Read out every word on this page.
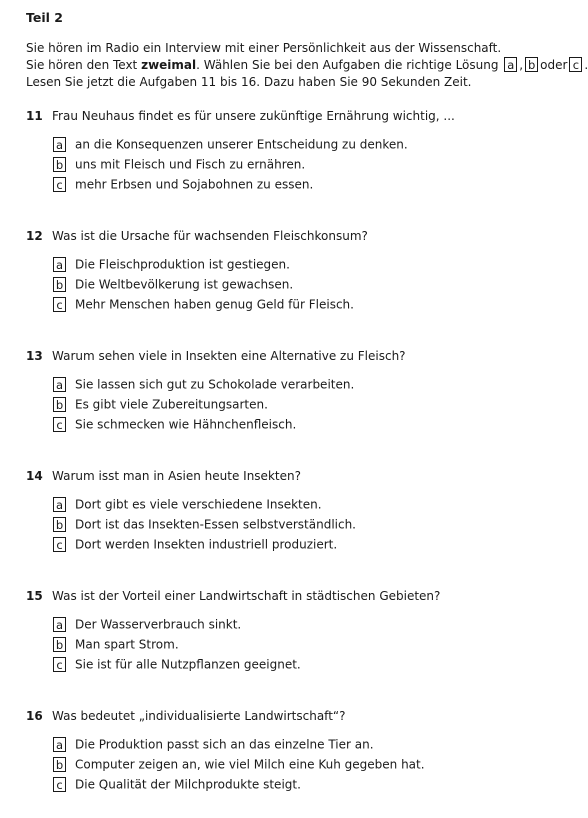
Teil 2
Sie hören im Radio ein Interview mit einer Persönlichkeit aus der Wissenschaft.
Sie hören den Text zweimal. Wählen Sie bei den Aufgaben die richtige Lösung a , b oder c .
Lesen Sie jetzt die Aufgaben 11 bis 16. Dazu haben Sie 90 Sekunden Zeit.
11 Frau Neuhaus findet es für unsere zukünftige Ernährung wichtig, ...
a an die Konsequenzen unserer Entscheidung zu denken.
b uns mit Fleisch und Fisch zu ernähren.
c mehr Erbsen und Sojabohnen zu essen.
12 Was ist die Ursache für wachsenden Fleischkonsum?
a Die Fleischproduktion ist gestiegen.
b Die Weltbevölkerung ist gewachsen.
c Mehr Menschen haben genug Geld für Fleisch.
13 Warum sehen viele in Insekten eine Alternative zu Fleisch?
a Sie lassen sich gut zu Schokolade verarbeiten.
b Es gibt viele Zubereitungsarten.
c Sie schmecken wie Hähnchenfleisch.
14 Warum isst man in Asien heute Insekten?
a Dort gibt es viele verschiedene Insekten.
b Dort ist das Insekten-Essen selbstverständlich.
c Dort werden Insekten industriell produziert.
15 Was ist der Vorteil einer Landwirtschaft in städtischen Gebieten?
a Der Wasserverbrauch sinkt.
b Man spart Strom.
c Sie ist für alle Nutzpflanzen geeignet.
16 Was bedeutet „individualisierte Landwirtschaft“?
a Die Produktion passt sich an das einzelne Tier an.
b Computer zeigen an, wie viel Milch eine Kuh gegeben hat.
c Die Qualität der Milchprodukte steigt.
